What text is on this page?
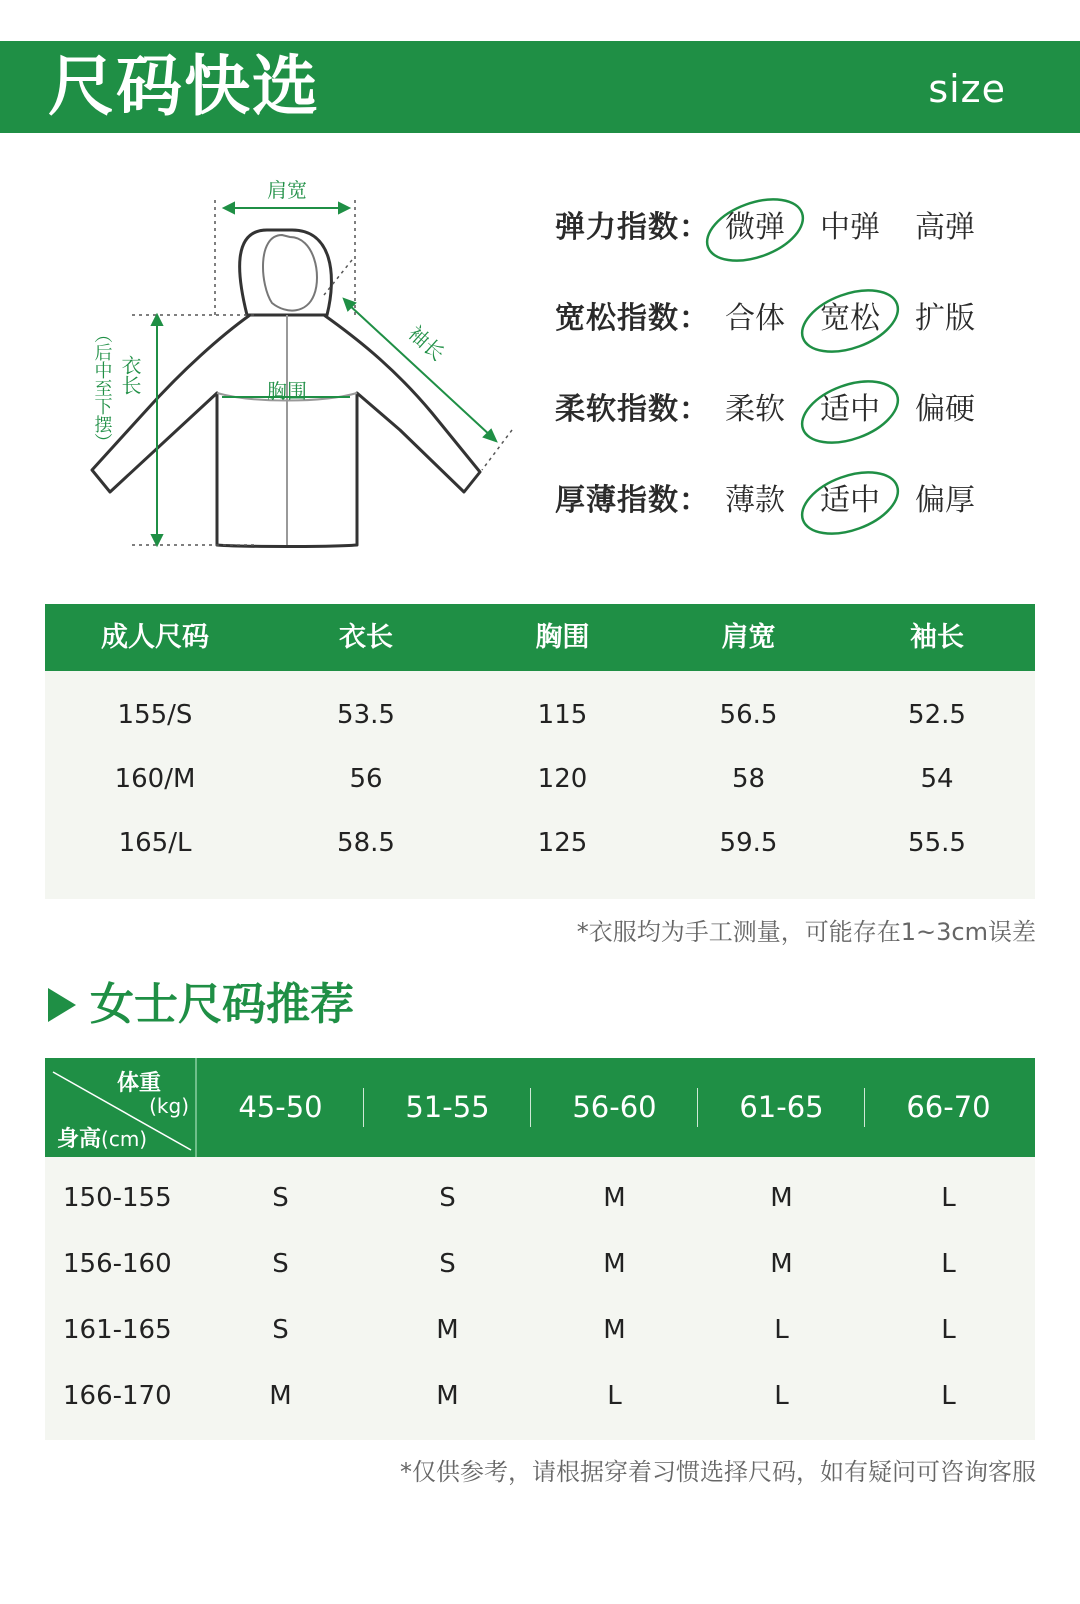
尺码快选	size
肩宽
胸围
袖长
衣长
（后中至下摆）
弹力指数： 微弹	中弹	高弹
宽松指数： 合体	宽松	扩版
柔软指数： 柔软	适中	偏硬
厚薄指数： 薄款	适中	偏厚
成人尺码	衣长	胸围	肩宽	袖长
155/S	53.5	115	56.5	52.5
160/M	56	120	58	54
165/L	58.5	125	59.5	55.5
*衣服均为手工测量，可能存在1~3cm误差
女士尺码推荐
体重
(kg)
身高(cm)
45-50	51-55	56-60	61-65	66-70
150-155	S	S	M	M	L
156-160	S	S	M	M	L
161-165	S	M	M	L	L
166-170	M	M	L	L	L
*仅供参考，请根据穿着习惯选择尺码，如有疑问可咨询客服
